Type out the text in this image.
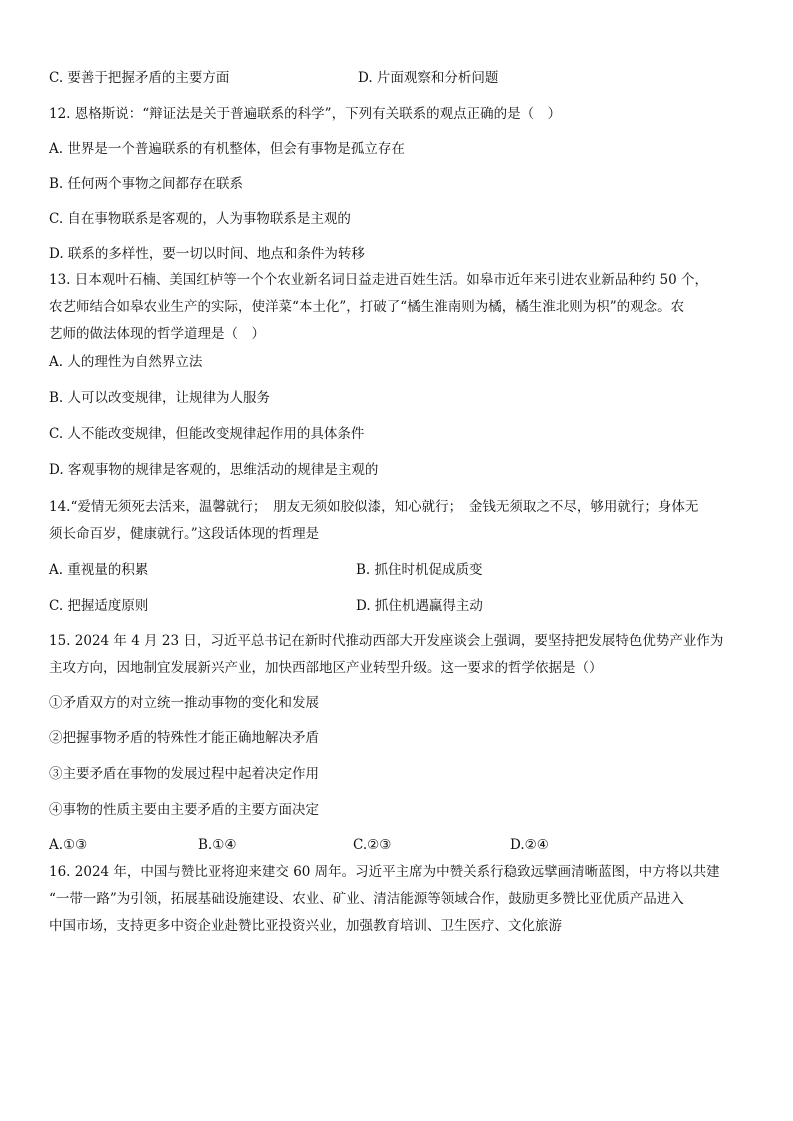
C. 要善于把握矛盾的主要方面	D. 片面观察和分析问题
12. 恩格斯说：“辩证法是关于普遍联系的科学”，下列有关联系的观点正确的是（　）
A. 世界是一个普遍联系的有机整体，但会有事物是孤立存在
B. 任何两个事物之间都存在联系
C. 自在事物联系是客观的，人为事物联系是主观的
D. 联系的多样性，要一切以时间、地点和条件为转移
13. 日本观叶石楠、美国红栌等一个个农业新名词日益走进百姓生活。如皋市近年来引进农业新品种约 50 个，
农艺师结合如皋农业生产的实际，使洋菜“本土化”，打破了“橘生淮南则为橘，橘生淮北则为枳”的观念。农
艺师的做法体现的哲学道理是（　）
A. 人的理性为自然界立法
B. 人可以改变规律，让规律为人服务
C. 人不能改变规律，但能改变规律起作用的具体条件
D. 客观事物的规律是客观的，思维活动的规律是主观的
14.“爱情无须死去活来，温馨就行；　朋友无须如胶似漆，知心就行；　金钱无须取之不尽，够用就行；身体无
须长命百岁，健康就行。”这段话体现的哲理是
A. 重视量的积累	B. 抓住时机促成质变
C. 把握适度原则	D. 抓住机遇赢得主动
15. 2024 年 4 月 23 日，习近平总书记在新时代推动西部大开发座谈会上强调，要坚持把发展特色优势产业作为
主攻方向，因地制宜发展新兴产业，加快西部地区产业转型升级。这一要求的哲学依据是（）
①矛盾双方的对立统一推动事物的变化和发展
②把握事物矛盾的特殊性才能正确地解决矛盾
③主要矛盾在事物的发展过程中起着决定作用
④事物的性质主要由主要矛盾的主要方面决定
A.①③	B.①④	C.②③	D.②④
16. 2024 年，中国与赞比亚将迎来建交 60 周年。习近平主席为中赞关系行稳致远擘画清晰蓝图，中方将以共建
“一带一路”为引领，拓展基础设施建设、农业、矿业、清洁能源等领域合作，鼓励更多赞比亚优质产品进入
中国市场，支持更多中资企业赴赞比亚投资兴业，加强教育培训、卫生医疗、文化旅游
